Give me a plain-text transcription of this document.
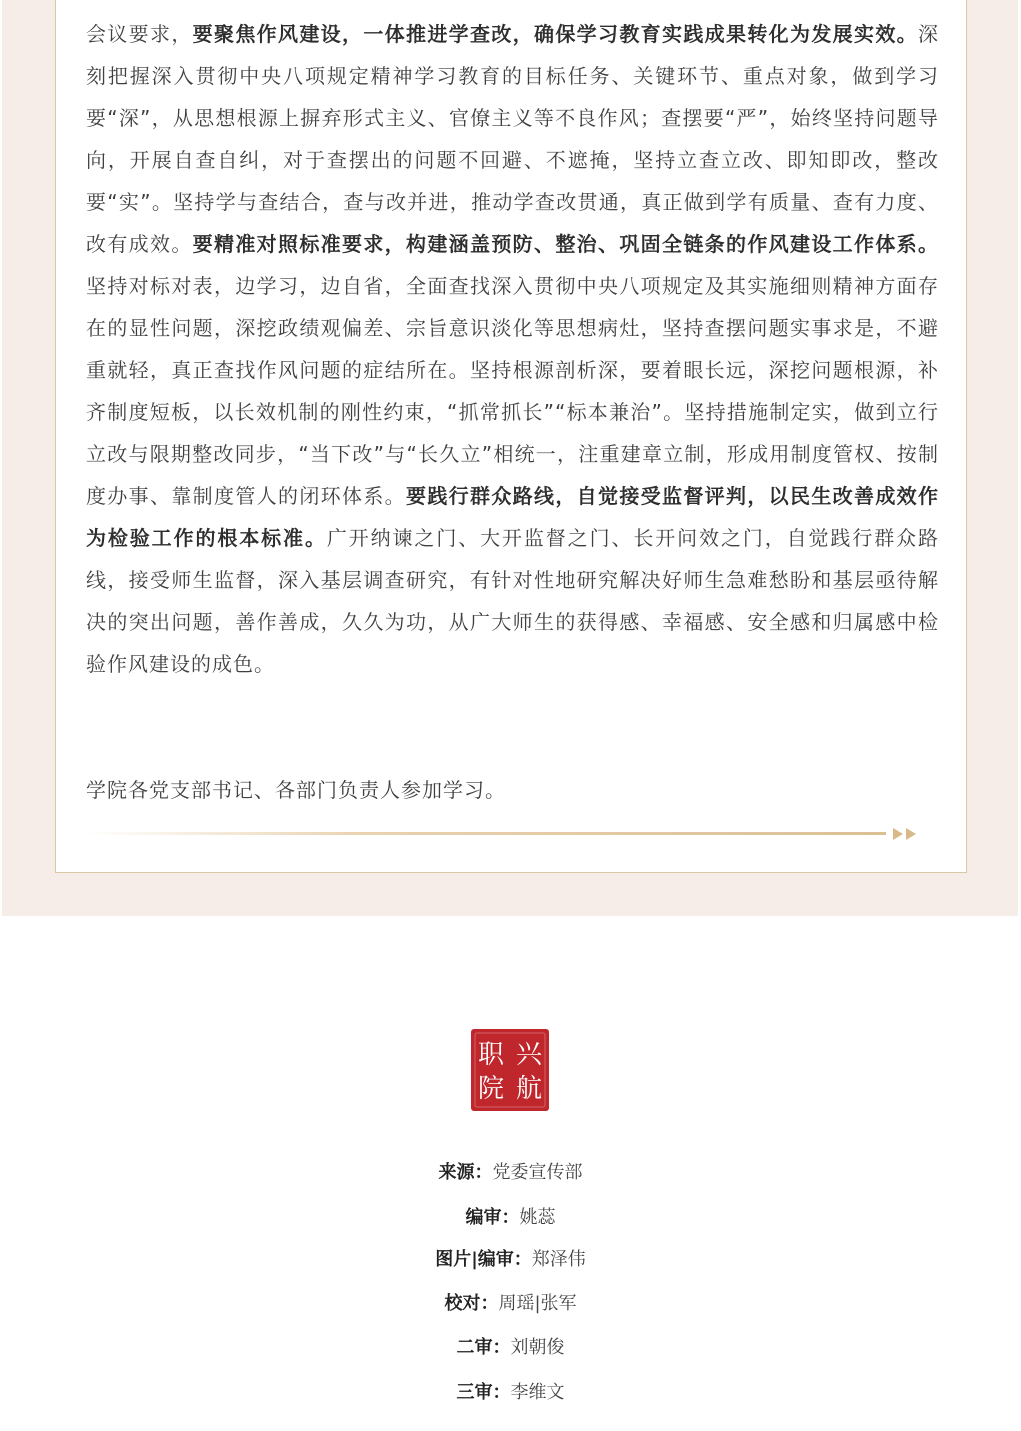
会议要求，要聚焦作风建设，一体推进学查改，确保学习教育实践成果转化为发展实效。深刻把握深入贯彻中央八项规定精神学习教育的目标任务、关键环节、重点对象，做到学习要“深”，从思想根源上摒弃形式主义、官僚主义等不良作风；查摆要“严”，始终坚持问题导向，开展自查自纠，对于查摆出的问题不回避、不遮掩，坚持立查立改、即知即改，整改要“实”。坚持学与查结合，查与改并进，推动学查改贯通，真正做到学有质量、查有力度、改有成效。要精准对照标准要求，构建涵盖预防、整治、巩固全链条的作风建设工作体系。坚持对标对表，边学习，边自省，全面查找深入贯彻中央八项规定及其实施细则精神方面存在的显性问题，深挖政绩观偏差、宗旨意识淡化等思想病灶，坚持查摆问题实事求是，不避重就轻，真正查找作风问题的症结所在。坚持根源剖析深，要着眼长远，深挖问题根源，补齐制度短板，以长效机制的刚性约束，“抓常抓长”“标本兼治”。坚持措施制定实，做到立行立改与限期整改同步，“当下改”与“长久立”相统一，注重建章立制，形成用制度管权、按制度办事、靠制度管人的闭环体系。要践行群众路线，自觉接受监督评判，以民生改善成效作为检验工作的根本标准。广开纳谏之门、大开监督之门、长开问效之门，自觉践行群众路线，接受师生监督，深入基层调查研究，有针对性地研究解决好师生急难愁盼和基层亟待解决的突出问题，善作善成，久久为功，从广大师生的获得感、幸福感、安全感和归属感中检验作风建设的成色。

学院各党支部书记、各部门负责人参加学习。

兴
航
职
院
来源：党委宣传部
编审：姚蕊
图片|编审：郑泽伟
校对：周瑶|张军
二审：刘朝俊
三审：李维文
